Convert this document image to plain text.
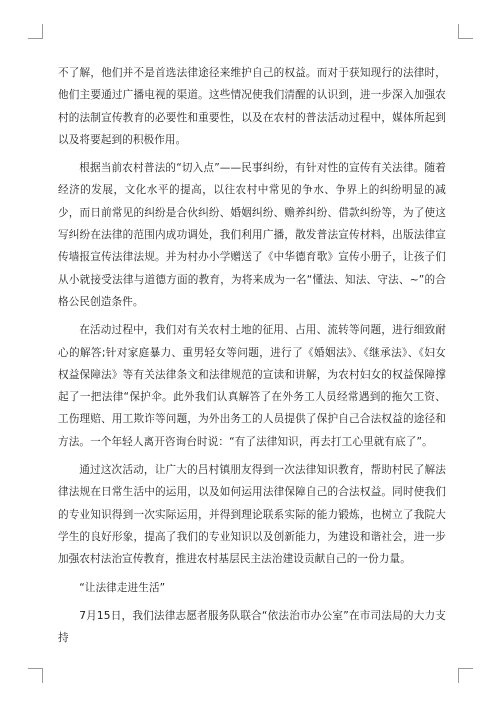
不了解，他们并不是首选法律途径来维护自己的权益。而对于获知现行的法律时，他们主要通过广播电视的渠道。这些情况使我们清醒的认识到，进一步深入加强农村的法制宣传教育的必要性和重要性，以及在农村的普法活动过程中，媒体所起到以及将要起到的积极作用。

根据当前农村普法的“切入点”——民事纠纷，有针对性的宣传有关法律。随着经济的发展，文化水平的提高，以往农村中常见的争水、争界上的纠纷明显的减少，而日前常见的纠纷是合伙纠纷、婚姻纠纷、赡养纠纷、借款纠纷等，为了使这写纠纷在法律的范围内成功调处，我们利用广播，散发普法宣传材料，出版法律宣传墙报宣传法律法规。并为村办小学赠送了《中华德育歌》宣传小册子，让孩子们从小就接受法律与道德方面的教育，为将来成为一名“懂法、知法、守法、~”的合格公民创造条件。

在活动过程中，我们对有关农村土地的征用、占用、流转等问题，进行细致耐心的解答;针对家庭暴力、重男轻女等问题，进行了《婚姻法》、《继承法》、《妇女权益保障法》等有关法律条文和法律规范的宣读和讲解，为农村妇女的权益保障撑起了一把法律“保护伞。此外我们认真解答了在外务工人员经常遇到的拖欠工资、工伤理赔、用工欺诈等问题，为外出务工的人员提供了保护自己合法权益的途径和方法。一个年轻人离开咨询台时说：“有了法律知识，再去打工心里就有底了”。

通过这次活动，让广大的吕村镇朋友得到一次法律知识教育，帮助村民了解法律法规在日常生活中的运用，以及如何运用法律保障自己的合法权益。同时使我们的专业知识得到一次实际运用，并得到理论联系实际的能力锻炼，也树立了我院大学生的良好形象，提高了我们的专业知识以及创新能力，为建设和谐社会，进一步加强农村法治宣传教育，推进农村基层民主法治建设贡献自己的一份力量。

“让法律走进生活”

7月15日，我们法律志愿者服务队联合“依法治市办公室”在市司法局的大力支持
